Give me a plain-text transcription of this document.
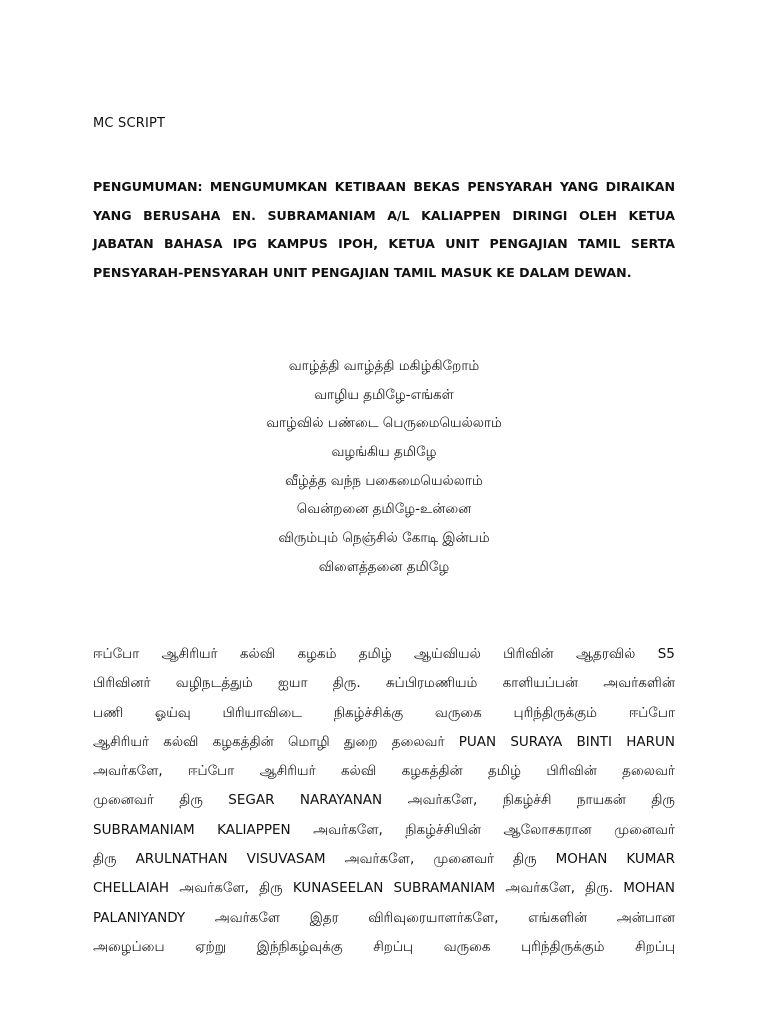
MC SCRIPT
PENGUMUMAN: MENGUMUMKAN KETIBAAN BEKAS PENSYARAH YANG DIRAIKAN YANG BERUSAHA EN. SUBRAMANIAM A/L KALIAPPEN DIRINGI OLEH KETUA JABATAN BAHASA IPG KAMPUS IPOH, KETUA UNIT PENGAJIAN TAMIL SERTA PENSYARAH-PENSYARAH UNIT PENGAJIAN TAMIL MASUK KE DALAM DEWAN.
வாழ்த்தி வாழ்த்தி மகிழ்கிறோம்
வாழிய தமிழே-எங்கள்
வாழ்வில் பண்டை பெருமையெல்லாம்
வழங்கிய தமிழே
வீழ்த்த வந்ந பகைமையெல்லாம்
வென்றனை தமிழே-உன்னை
விரும்பும் நெஞ்சில் கோடி இன்பம்
விளைத்தனை தமிழே
ஈப்போ ஆசிரியர் கல்வி கழகம் தமிழ் ஆய்வியல் பிரிவின் ஆதரவில் S5
பிரிவினர் வழிநடத்தும் ஐயா திரு. சுப்பிரமணியம் காளியப்பன் அவர்களின்
பணி ஓய்வு பிரியாவிடை நிகழ்ச்சிக்கு வருகை புரிந்திருக்கும் ஈப்போ
ஆசிரியர் கல்வி கழகத்தின் மொழி துறை தலைவர் PUAN SURAYA BINTI HARUN
அவர்களே, ஈப்போ ஆசிரியர் கல்வி கழகத்தின் தமிழ் பிரிவின் தலைவர்
முனைவர் திரு SEGAR NARAYANAN அவர்களே, நிகழ்ச்சி நாயகன் திரு
SUBRAMANIAM KALIAPPEN அவர்களே, நிகழ்ச்சியின் ஆலோசகரான முனைவர்
திரு ARULNATHAN VISUVASAM அவர்களே, முனைவர் திரு MOHAN KUMAR
CHELLAIAH அவர்களே, திரு KUNASEELAN SUBRAMANIAM அவர்களே, திரு. MOHAN
PALANIYANDY அவர்களே இதர விரிவுரையாளர்களே, எங்களின் அன்பான
அழைப்பை ஏற்று இந்நிகழ்வுக்கு சிறப்பு வருகை புரிந்திருக்கும் சிறப்பு
